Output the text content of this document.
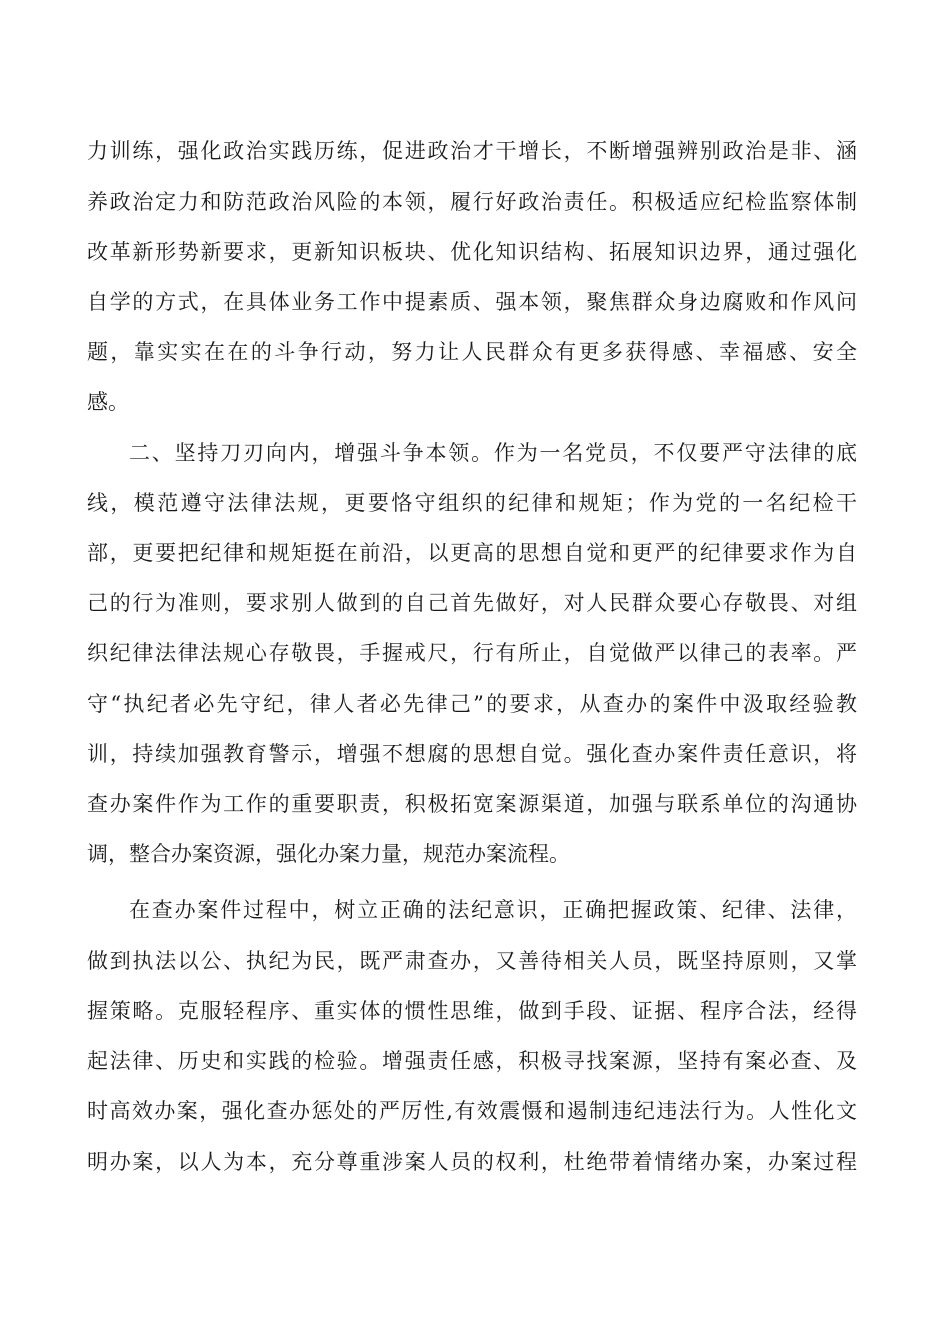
力训练，强化政治实践历练，促进政治才干增长，不断增强辨别政治是非、涵
养政治定力和防范政治风险的本领，履行好政治责任。积极适应纪检监察体制
改革新形势新要求，更新知识板块、优化知识结构、拓展知识边界，通过强化
自学的方式，在具体业务工作中提素质、强本领，聚焦群众身边腐败和作风问
题，靠实实在在的斗争行动，努力让人民群众有更多获得感、幸福感、安全
感。
二、坚持刀刃向内，增强斗争本领。作为一名党员，不仅要严守法律的底
线，模范遵守法律法规，更要恪守组织的纪律和规矩；作为党的一名纪检干
部，更要把纪律和规矩挺在前沿，以更高的思想自觉和更严的纪律要求作为自
己的行为准则，要求别人做到的自己首先做好，对人民群众要心存敬畏、对组
织纪律法律法规心存敬畏，手握戒尺，行有所止，自觉做严以律己的表率。严
守“执纪者必先守纪，律人者必先律己”的要求，从查办的案件中汲取经验教
训，持续加强教育警示，增强不想腐的思想自觉。强化查办案件责任意识，将
查办案件作为工作的重要职责，积极拓宽案源渠道，加强与联系单位的沟通协
调，整合办案资源，强化办案力量，规范办案流程。
在查办案件过程中，树立正确的法纪意识，正确把握政策、纪律、法律，
做到执法以公、执纪为民，既严肃查办，又善待相关人员，既坚持原则，又掌
握策略。克服轻程序、重实体的惯性思维，做到手段、证据、程序合法，经得
起法律、历史和实践的检验。增强责任感，积极寻找案源，坚持有案必查、及
时高效办案，强化查办惩处的严厉性,有效震慑和遏制违纪违法行为。人性化文
明办案，以人为本，充分尊重涉案人员的权利，杜绝带着情绪办案，办案过程
